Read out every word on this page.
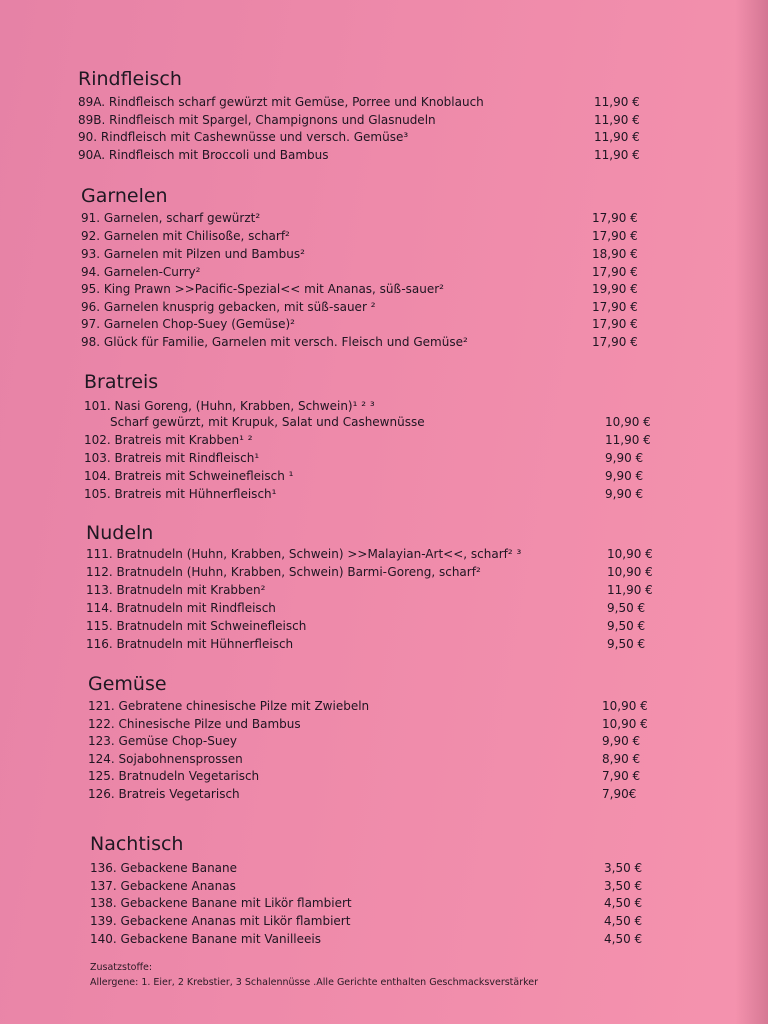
Rindfleisch
89A. Rindfleisch scharf gewürzt mit Gemüse, Porree und Knoblauch	11,90 €
89B. Rindfleisch mit Spargel, Champignons und Glasnudeln	11,90 €
90. Rindfleisch mit Cashewnüsse und versch. Gemüse³	11,90 €
90A. Rindfleisch mit Broccoli und Bambus	11,90 €
Garnelen
91. Garnelen, scharf gewürzt²	17,90 €
92. Garnelen mit Chilisoße, scharf²	17,90 €
93. Garnelen mit Pilzen und Bambus²	18,90 €
94. Garnelen-Curry²	17,90 €
95. King Prawn >>Pacific-Spezial<< mit Ananas, süß-sauer²	19,90 €
96. Garnelen knusprig gebacken, mit süß-sauer ²	17,90 €
97. Garnelen Chop-Suey (Gemüse)²	17,90 €
98. Glück für Familie, Garnelen mit versch. Fleisch und Gemüse²	17,90 €
Bratreis
101. Nasi Goreng, (Huhn, Krabben, Schwein)¹ ² ³
Scharf gewürzt, mit Krupuk, Salat und Cashewnüsse	10,90 €
102. Bratreis mit Krabben¹ ²	11,90 €
103. Bratreis mit Rindfleisch¹	9,90 €
104. Bratreis mit Schweinefleisch ¹	9,90 €
105. Bratreis mit Hühnerfleisch¹	9,90 €
Nudeln
111. Bratnudeln (Huhn, Krabben, Schwein) >>Malayian-Art<<, scharf² ³	10,90 €
112. Bratnudeln (Huhn, Krabben, Schwein) Barmi-Goreng, scharf²	10,90 €
113. Bratnudeln mit Krabben²	11,90 €
114. Bratnudeln mit Rindfleisch	9,50 €
115. Bratnudeln mit Schweinefleisch	9,50 €
116. Bratnudeln mit Hühnerfleisch	9,50 €
Gemüse
121. Gebratene chinesische Pilze mit Zwiebeln	10,90 €
122. Chinesische Pilze und Bambus	10,90 €
123. Gemüse Chop-Suey	9,90 €
124. Sojabohnensprossen	8,90 €
125. Bratnudeln Vegetarisch	7,90 €
126. Bratreis Vegetarisch	7,90€
Nachtisch
136. Gebackene Banane	3,50 €
137. Gebackene Ananas	3,50 €
138. Gebackene Banane mit Likör flambiert	4,50 €
139. Gebackene Ananas mit Likör flambiert	4,50 €
140. Gebackene Banane mit Vanilleeis	4,50 €
Zusatzstoffe:
Allergene: 1. Eier, 2 Krebstier, 3 Schalennüsse .Alle Gerichte enthalten Geschmacksverstärker
